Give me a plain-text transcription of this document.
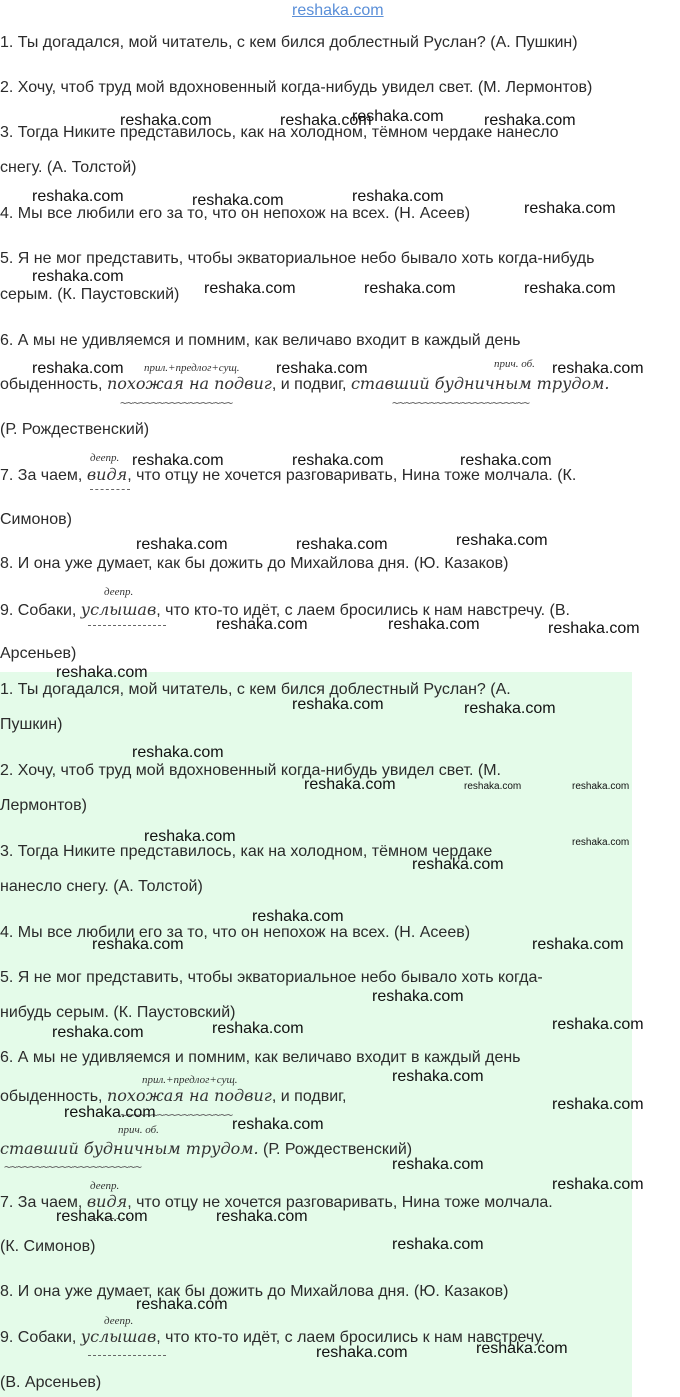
reshaka.com
1. Ты догадался, мой читатель, с кем бился доблестный Руслан? (А. Пушкин)
2. Хочу, чтоб труд мой вдохновенный когда-нибудь увидел свет. (М. Лермонтов)
3. Тогда Никите представилось, как на холодном, тёмном чердаке нанесло
снегу. (А. Толстой)
4. Мы все любили его за то, что он непохож на всех. (Н. Асеев)
5. Я не мог представить, чтобы экваториальное небо бывало хоть когда-нибудь
серым. (К. Паустовский)
6. А мы не удивляемся и помним, как величаво входит в каждый день
обыденность, похожая на подвиг, и подвиг, ставший будничным трудом.
(Р. Рождественский)
7. За чаем, видя, что отцу не хочется разговаривать, Нина тоже молчала. (К.
Симонов)
8. И она уже думает, как бы дожить до Михайлова дня. (Ю. Казаков)
9. Собаки, услышав, что кто-то идёт, с лаем бросились к нам навстречу. (В.
Арсеньев)
прил.+предлог+сущ.	прич. об.
~~~~~~~~~~~~~~~~~~	~~~~~~~~~~~~~~~~~~~~~~
деепр.
деепр.
1. Ты догадался, мой читатель, с кем бился доблестный Руслан? (А.
Пушкин)
2. Хочу, чтоб труд мой вдохновенный когда-нибудь увидел свет. (М.
Лермонтов)
3. Тогда Никите представилось, как на холодном, тёмном чердаке
нанесло снегу. (А. Толстой)
4. Мы все любили его за то, что он непохож на всех. (Н. Асеев)
5. Я не мог представить, чтобы экваториальное небо бывало хоть когда-
нибудь серым. (К. Паустовский)
6. А мы не удивляемся и помним, как величаво входит в каждый день
обыденность, похожая на подвиг, и подвиг,
ставший будничным трудом. (Р. Рождественский)
7. За чаем, видя, что отцу не хочется разговаривать, Нина тоже молчала.
(К. Симонов)
8. И она уже думает, как бы дожить до Михайлова дня. (Ю. Казаков)
9. Собаки, услышав, что кто-то идёт, с лаем бросились к нам навстречу.
(В. Арсеньев)
прил.+предлог+сущ.
~~~~~~~~~~~~~~~~~~
прич. об.
~~~~~~~~~~~~~~~~~~~~~~
деепр.
деепр.
reshaka.com	reshaka.com
reshaka.com	reshaka.com
reshaka.com	reshaka.com	reshaka.com
reshaka.com
reshaka.com
reshaka.com	reshaka.com	reshaka.com
reshaka.com	reshaka.com	reshaka.com
reshaka.com	reshaka.com	reshaka.com
reshaka.com	reshaka.com	reshaka.com
reshaka.com	reshaka.com	reshaka.com
reshaka.com
reshaka.com	reshaka.com
reshaka.com
reshaka.com	reshaka.com	reshaka.com
reshaka.com	reshaka.com
reshaka.com
reshaka.com
reshaka.com	reshaka.com
reshaka.com
reshaka.com
reshaka.com	reshaka.com
reshaka.com
reshaka.com	reshaka.com
reshaka.com
reshaka.com
reshaka.com
reshaka.com	reshaka.com
reshaka.com
reshaka.com
reshaka.com	reshaka.com
